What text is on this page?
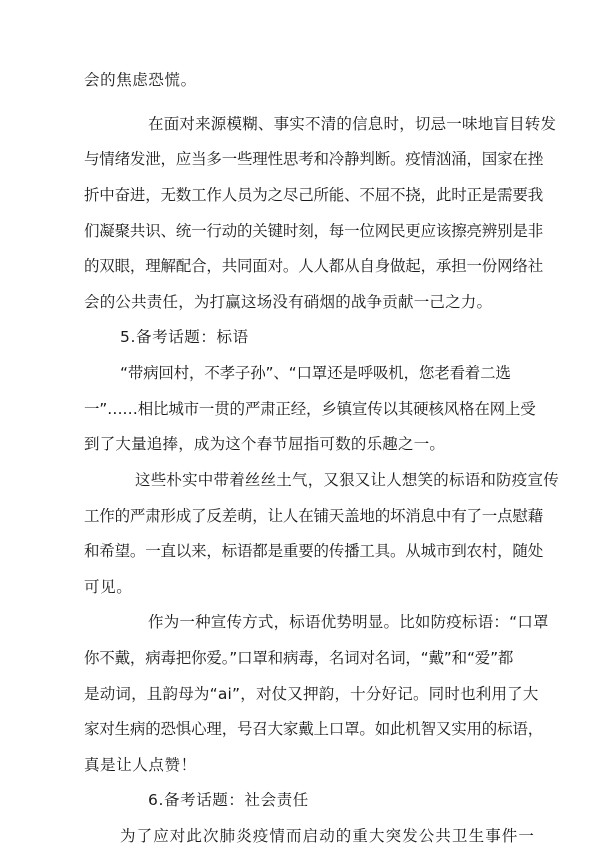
会的焦虑恐慌。
在面对来源模糊、事实不清的信息时，切忌一味地盲目转发
与情绪发泄，应当多一些理性思考和冷静判断。疫情汹涌，国家在挫
折中奋进，无数工作人员为之尽己所能、不屈不挠，此时正是需要我
们凝聚共识、统一行动的关键时刻，每一位网民更应该擦亮辨别是非
的双眼，理解配合，共同面对。人人都从自身做起，承担一份网络社
会的公共责任，为打赢这场没有硝烟的战争贡献一己之力。
5.备考话题：标语
“带病回村，不孝子孙”、“口罩还是呼吸机，您老看着二选
一”……相比城市一贯的严肃正经，乡镇宣传以其硬核风格在网上受
到了大量追捧，成为这个春节屈指可数的乐趣之一。
这些朴实中带着丝丝土气，又狠又让人想笑的标语和防疫宣传
工作的严肃形成了反差萌，让人在铺天盖地的坏消息中有了一点慰藉
和希望。一直以来，标语都是重要的传播工具。从城市到农村，随处
可见。
作为一种宣传方式，标语优势明显。比如防疫标语：“口罩
你不戴，病毒把你爱。”口罩和病毒，名词对名词，“戴”和“爱”都
是动词，且韵母为“ai”，对仗又押韵，十分好记。同时也利用了大
家对生病的恐惧心理，号召大家戴上口罩。如此机智又实用的标语，
真是让人点赞！
6.备考话题：社会责任
为了应对此次肺炎疫情而启动的重大突发公共卫生事件一
